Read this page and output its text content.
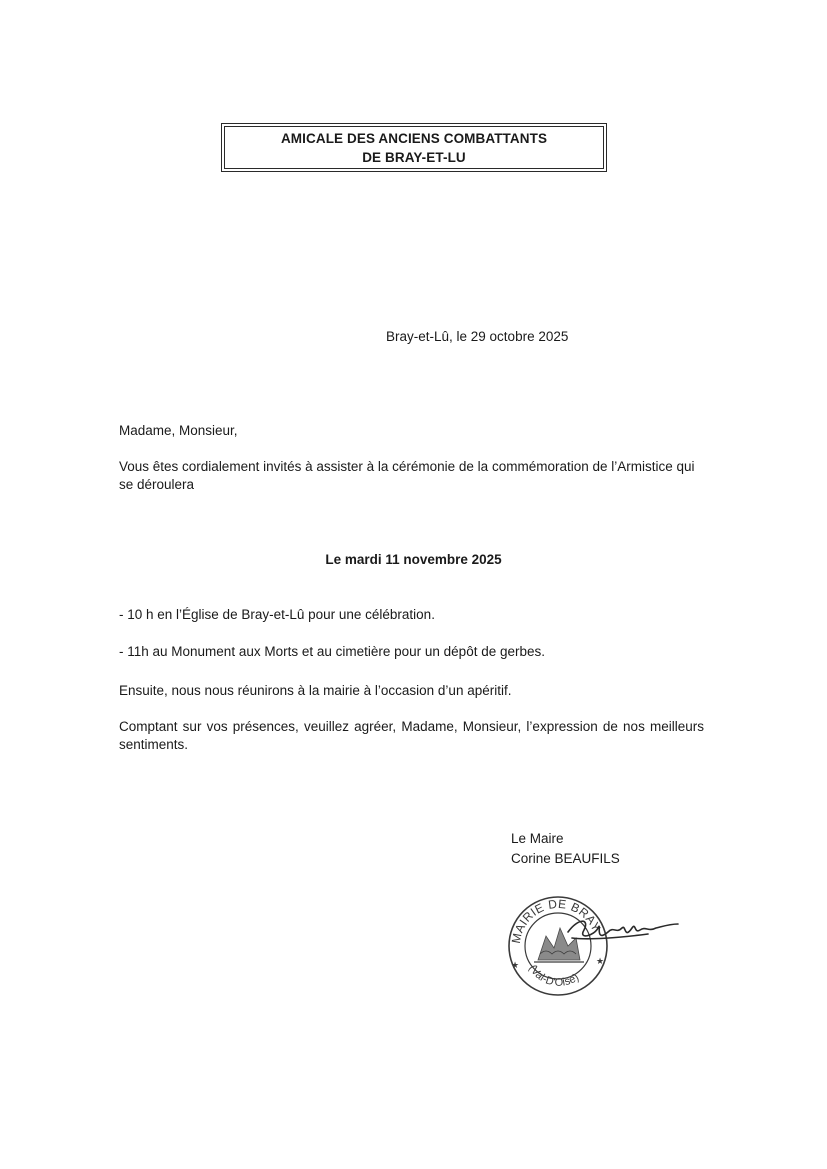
AMICALE DES ANCIENS COMBATTANTS
DE BRAY-ET-LU
Bray-et-Lû, le 29 octobre 2025
Madame, Monsieur,
Vous êtes cordialement invités à assister à la cérémonie de la commémoration de l’Armistice qui se déroulera
Le mardi 11 novembre 2025
- 10 h en l’Église de Bray-et-Lû pour une célébration.
- 11h au Monument aux Morts et au cimetière pour un dépôt de gerbes.
Ensuite, nous nous réunirons à la mairie à l’occasion d’un apéritif.
Comptant sur vos présences, veuillez agréer, Madame, Monsieur, l’expression de nos meilleurs sentiments.
Le Maire
Corine BEAUFILS
MAIRIE DE BRAY
(Val-D'Oise)
★	★
